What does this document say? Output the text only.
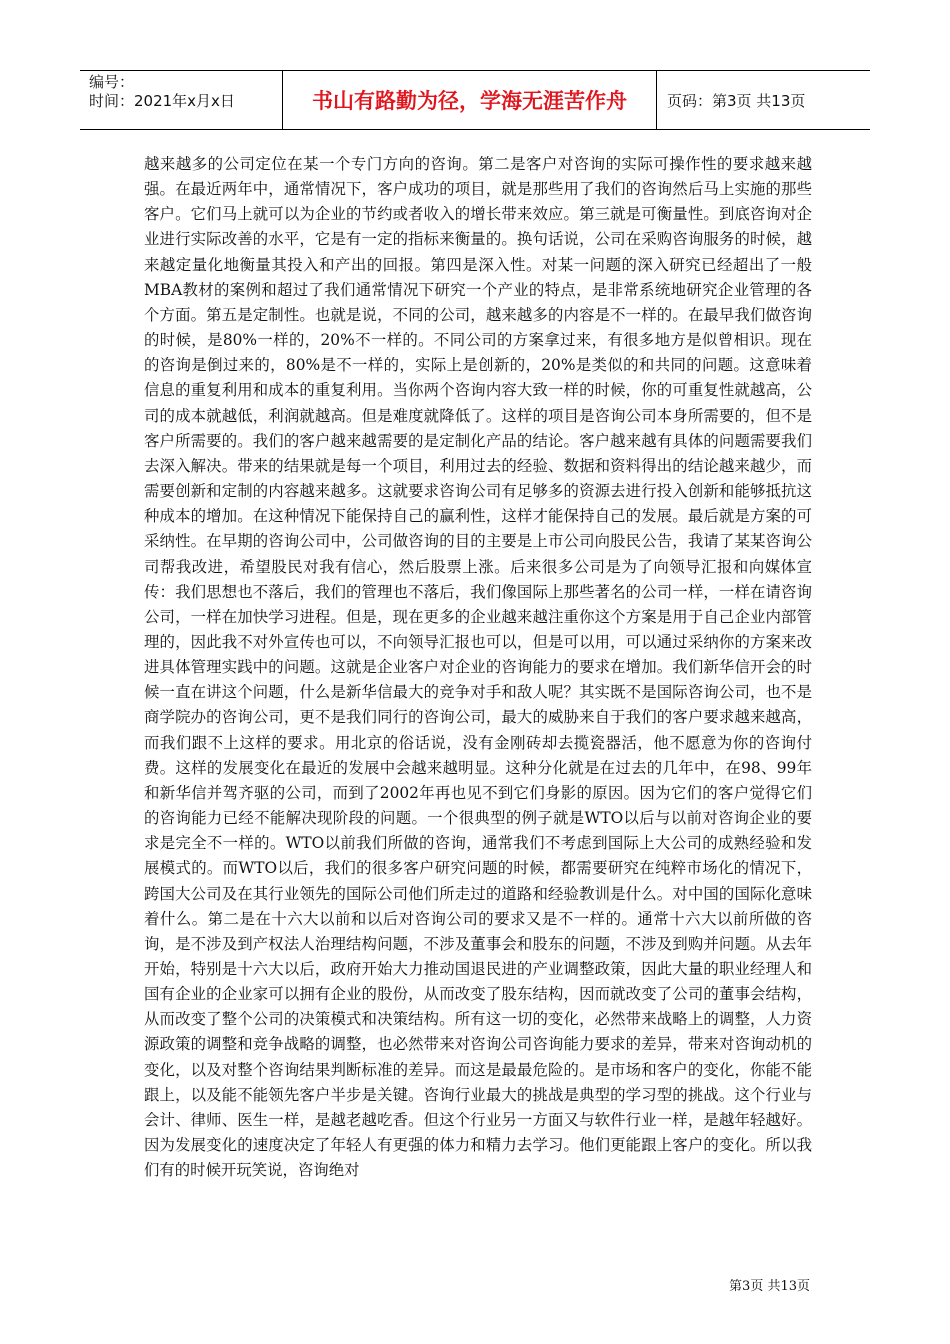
编号：
时间：2021年x月x日	书山有路勤为径，学海无涯苦作舟	页码：第3页 共13页
越来越多的公司定位在某一个专门方向的咨询。第二是客户对咨询的实际可操作性的要求越来越强。在最近两年中，通常情况下，客户成功的项目，就是那些用了我们的咨询然后马上实施的那些客户。它们马上就可以为企业的节约或者收入的增长带来效应。第三就是可衡量性。到底咨询对企业进行实际改善的水平，它是有一定的指标来衡量的。换句话说，公司在采购咨询服务的时候，越来越定量化地衡量其投入和产出的回报。第四是深入性。对某一问题的深入研究已经超出了一般MBA教材的案例和超过了我们通常情况下研究一个产业的特点，是非常系统地研究企业管理的各个方面。第五是定制性。也就是说，不同的公司，越来越多的内容是不一样的。在最早我们做咨询的时候，是80%一样的，20%不一样的。不同公司的方案拿过来，有很多地方是似曾相识。现在的咨询是倒过来的，80%是不一样的，实际上是创新的，20%是类似的和共同的问题。这意味着信息的重复利用和成本的重复利用。当你两个咨询内容大致一样的时候，你的可重复性就越高，公司的成本就越低，利润就越高。但是难度就降低了。这样的项目是咨询公司本身所需要的，但不是客户所需要的。我们的客户越来越需要的是定制化产品的结论。客户越来越有具体的问题需要我们去深入解决。带来的结果就是每一个项目，利用过去的经验、数据和资料得出的结论越来越少，而需要创新和定制的内容越来越多。这就要求咨询公司有足够多的资源去进行投入创新和能够抵抗这种成本的增加。在这种情况下能保持自己的赢利性，这样才能保持自己的发展。最后就是方案的可采纳性。在早期的咨询公司中，公司做咨询的目的主要是上市公司向股民公告，我请了某某咨询公司帮我改进，希望股民对我有信心，然后股票上涨。后来很多公司是为了向领导汇报和向媒体宣传：我们思想也不落后，我们的管理也不落后，我们像国际上那些著名的公司一样，一样在请咨询公司，一样在加快学习进程。但是，现在更多的企业越来越注重你这个方案是用于自己企业内部管理的，因此我不对外宣传也可以，不向领导汇报也可以，但是可以用，可以通过采纳你的方案来改进具体管理实践中的问题。这就是企业客户对企业的咨询能力的要求在增加。我们新华信开会的时候一直在讲这个问题，什么是新华信最大的竞争对手和敌人呢？其实既不是国际咨询公司，也不是商学院办的咨询公司，更不是我们同行的咨询公司，最大的威胁来自于我们的客户要求越来越高，而我们跟不上这样的要求。用北京的俗话说，没有金刚砖却去揽瓷器活，他不愿意为你的咨询付费。这样的发展变化在最近的发展中会越来越明显。这种分化就是在过去的几年中，在98、99年和新华信并驾齐驱的公司，而到了2002年再也见不到它们身影的原因。因为它们的客户觉得它们的咨询能力已经不能解决现阶段的问题。一个很典型的例子就是WTO以后与以前对咨询企业的要求是完全不一样的。WTO以前我们所做的咨询，通常我们不考虑到国际上大公司的成熟经验和发展模式的。而WTO以后，我们的很多客户研究问题的时候，都需要研究在纯粹市场化的情况下，跨国大公司及在其行业领先的国际公司他们所走过的道路和经验教训是什么。对中国的国际化意味着什么。第二是在十六大以前和以后对咨询公司的要求又是不一样的。通常十六大以前所做的咨询，是不涉及到产权法人治理结构问题，不涉及董事会和股东的问题，不涉及到购并问题。从去年开始，特别是十六大以后，政府开始大力推动国退民进的产业调整政策，因此大量的职业经理人和国有企业的企业家可以拥有企业的股份，从而改变了股东结构，因而就改变了公司的董事会结构，从而改变了整个公司的决策模式和决策结构。所有这一切的变化，必然带来战略上的调整，人力资源政策的调整和竞争战略的调整，也必然带来对咨询公司咨询能力要求的差异，带来对咨询动机的变化，以及对整个咨询结果判断标准的差异。而这是最最危险的。是市场和客户的变化，你能不能跟上，以及能不能领先客户半步是关键。咨询行业最大的挑战是典型的学习型的挑战。这个行业与会计、律师、医生一样，是越老越吃香。但这个行业另一方面又与软件行业一样，是越年轻越好。因为发展变化的速度决定了年轻人有更强的体力和精力去学习。他们更能跟上客户的变化。所以我们有的时候开玩笑说，咨询绝对
第3页 共13页
